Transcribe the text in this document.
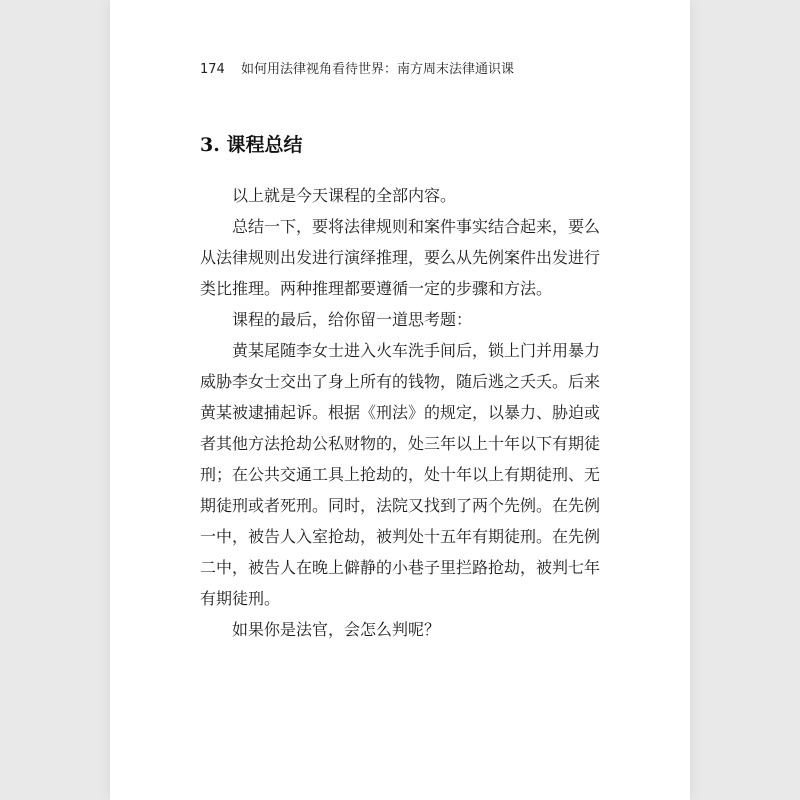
174 如何用法律视角看待世界：南方周末法律通识课
3. 课程总结

以上就是今天课程的全部内容。

总结一下，要将法律规则和案件事实结合起来，要么
从法律规则出发进行演绎推理，要么从先例案件出发进行
类比推理。两种推理都要遵循一定的步骤和方法。

课程的最后，给你留一道思考题：

黄某尾随李女士进入火车洗手间后，锁上门并用暴力
威胁李女士交出了身上所有的钱物，随后逃之夭夭。后来
黄某被逮捕起诉。根据《刑法》的规定，以暴力、胁迫或
者其他方法抢劫公私财物的，处三年以上十年以下有期徒
刑；在公共交通工具上抢劫的，处十年以上有期徒刑、无
期徒刑或者死刑。同时，法院又找到了两个先例。在先例
一中，被告人入室抢劫，被判处十五年有期徒刑。在先例
二中，被告人在晚上僻静的小巷子里拦路抢劫，被判七年
有期徒刑。

如果你是法官，会怎么判呢？
